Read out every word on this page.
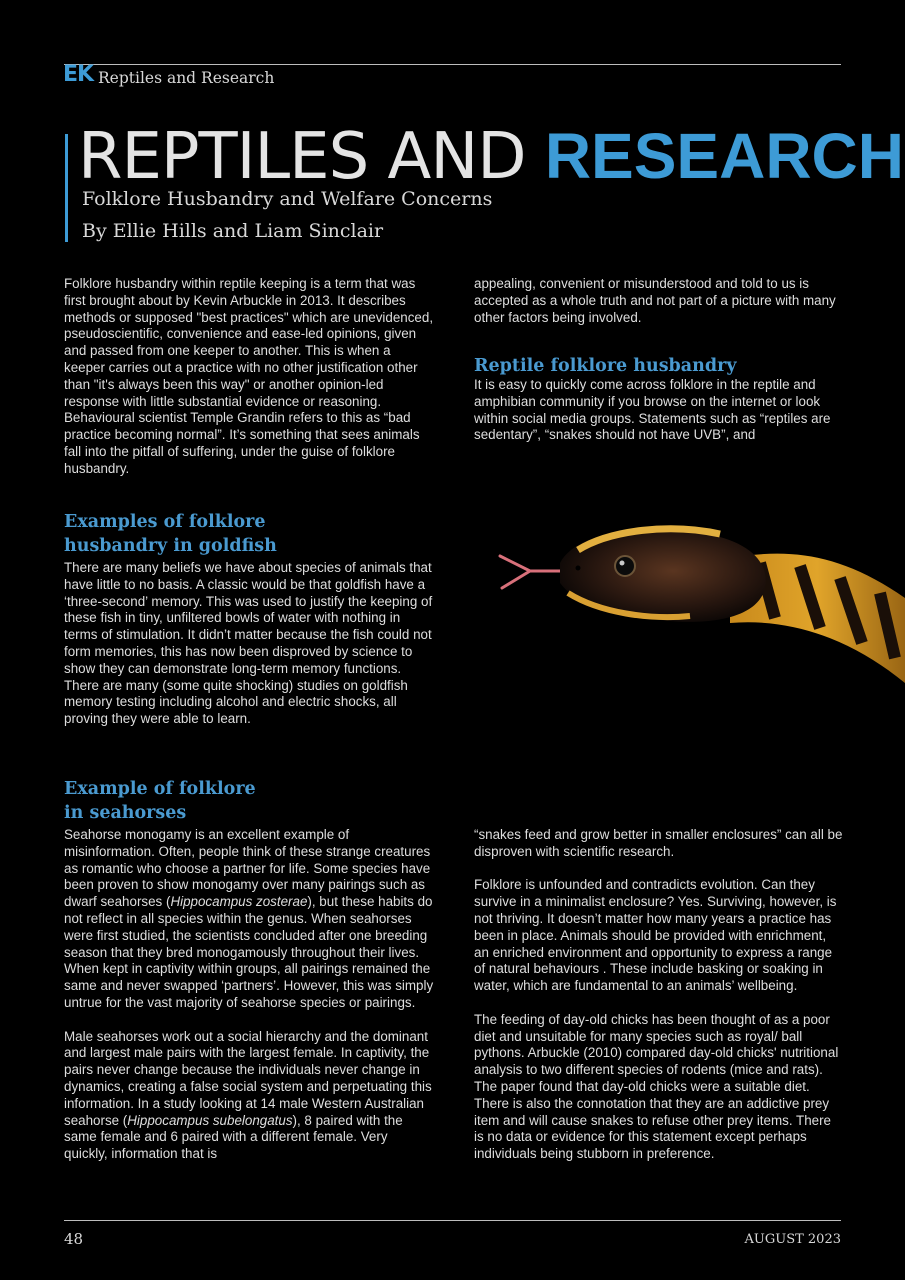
EK Reptiles and Research
REPTILES AND RESEARCH
Folklore Husbandry and Welfare Concerns
By Ellie Hills and Liam Sinclair

Folklore husbandry within reptile keeping is a term that was first brought about by Kevin Arbuckle in 2013. It describes methods or supposed "best practices" which are unevidenced, pseudoscientific, convenience and ease-led opinions, given and passed from one keeper to another. This is when a keeper carries out a practice with no other justification other than "it's always been this way" or another opinion-led response with little substantial evidence or reasoning. Behavioural scientist Temple Grandin refers to this as “bad practice becoming normal”. It’s something that sees animals fall into the pitfall of suffering, under the guise of folklore husbandry.

Examples of folklore
husbandry in goldfish

There are many beliefs we have about species of animals that have little to no basis. A classic would be that goldfish have a ‘three-second’ memory. This was used to justify the keeping of these fish in tiny, unfiltered bowls of water with nothing in terms of stimulation. It didn’t matter because the fish could not form memories, this has now been disproved by science to show they can demonstrate long-term memory functions. There are many (some quite shocking) studies on goldfish memory testing including alcohol and electric shocks, all proving they were able to learn.

Example of folklore
in seahorses

Seahorse monogamy is an excellent example of misinformation. Often, people think of these strange creatures as romantic who choose a partner for life. Some species have been proven to show monogamy over many pairings such as dwarf seahorses (Hippocampus zosterae), but these habits do not reflect in all species within the genus. When seahorses were first studied, the scientists concluded after one breeding season that they bred monogamously throughout their lives. When kept in captivity within groups, all pairings remained the same and never swapped ‘partners’. However, this was simply untrue for the vast majority of seahorse species or pairings.

Male seahorses work out a social hierarchy and the dominant and largest male pairs with the largest female. In captivity, the pairs never change because the individuals never change in dynamics, creating a false social system and perpetuating this information. In a study looking at 14 male Western Australian seahorse (Hippocampus subelongatus), 8 paired with the same female and 6 paired with a different female. Very quickly, information that is

appealing, convenient or misunderstood and told to us is accepted as a whole truth and not part of a picture with many other factors being involved.

Reptile folklore husbandry

It is easy to quickly come across folklore in the reptile and amphibian community if you browse on the internet or look within social media groups. Statements such as “reptiles are sedentary”, “snakes should not have UVB”, and

“snakes feed and grow better in smaller enclosures” can all be disproven with scientific research.

Folklore is unfounded and contradicts evolution. Can they survive in a minimalist enclosure? Yes. Surviving, however, is not thriving. It doesn’t matter how many years a practice has been in place. Animals should be provided with enrichment, an enriched environment and opportunity to express a range of natural behaviours . These include basking or soaking in water, which are fundamental to an animals’ wellbeing.

The feeding of day-old chicks has been thought of as a poor diet and unsuitable for many species such as royal/ ball pythons. Arbuckle (2010) compared day-old chicks' nutritional analysis to two different species of rodents (mice and rats). The paper found that day-old chicks were a suitable diet. There is also the connotation that they are an addictive prey item and will cause snakes to refuse other prey items. There is no data or evidence for this statement except perhaps individuals being stubborn in preference.

48	AUGUST 2023
